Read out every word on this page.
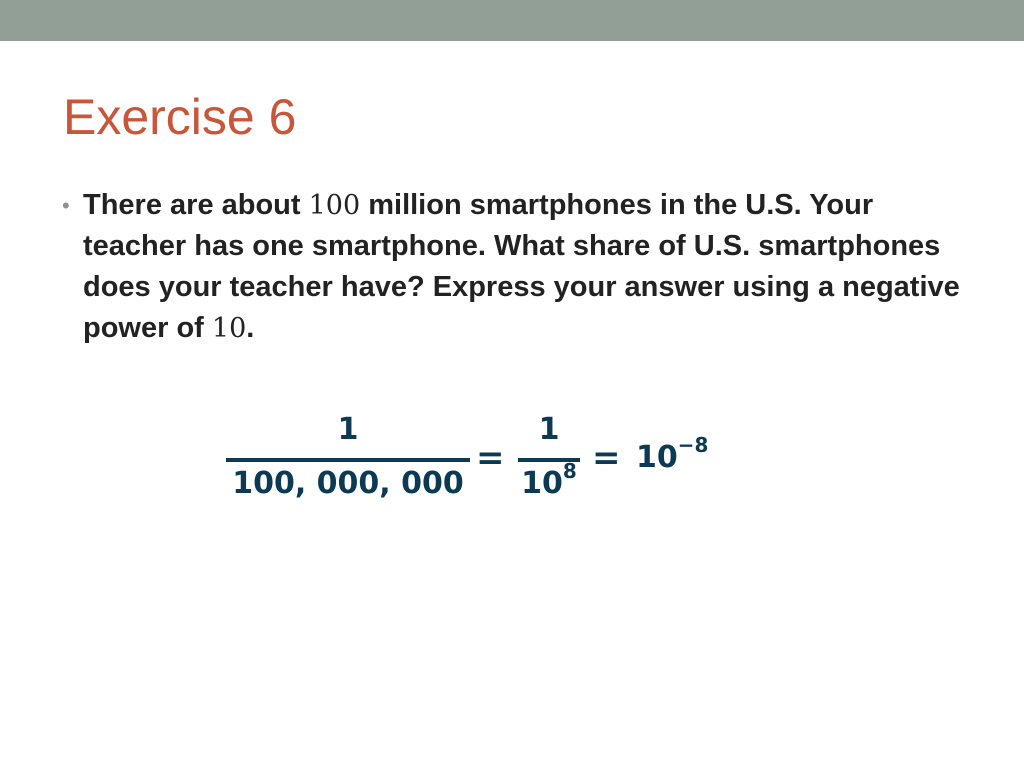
Exercise 6
• There are about 100 million smartphones in the U.S. Your teacher has one smartphone. What share of U.S. smartphones does your teacher have? Express your answer using a negative power of 10.

1
100, 000, 000
=
1
$10^8 = 10^{-8}$
